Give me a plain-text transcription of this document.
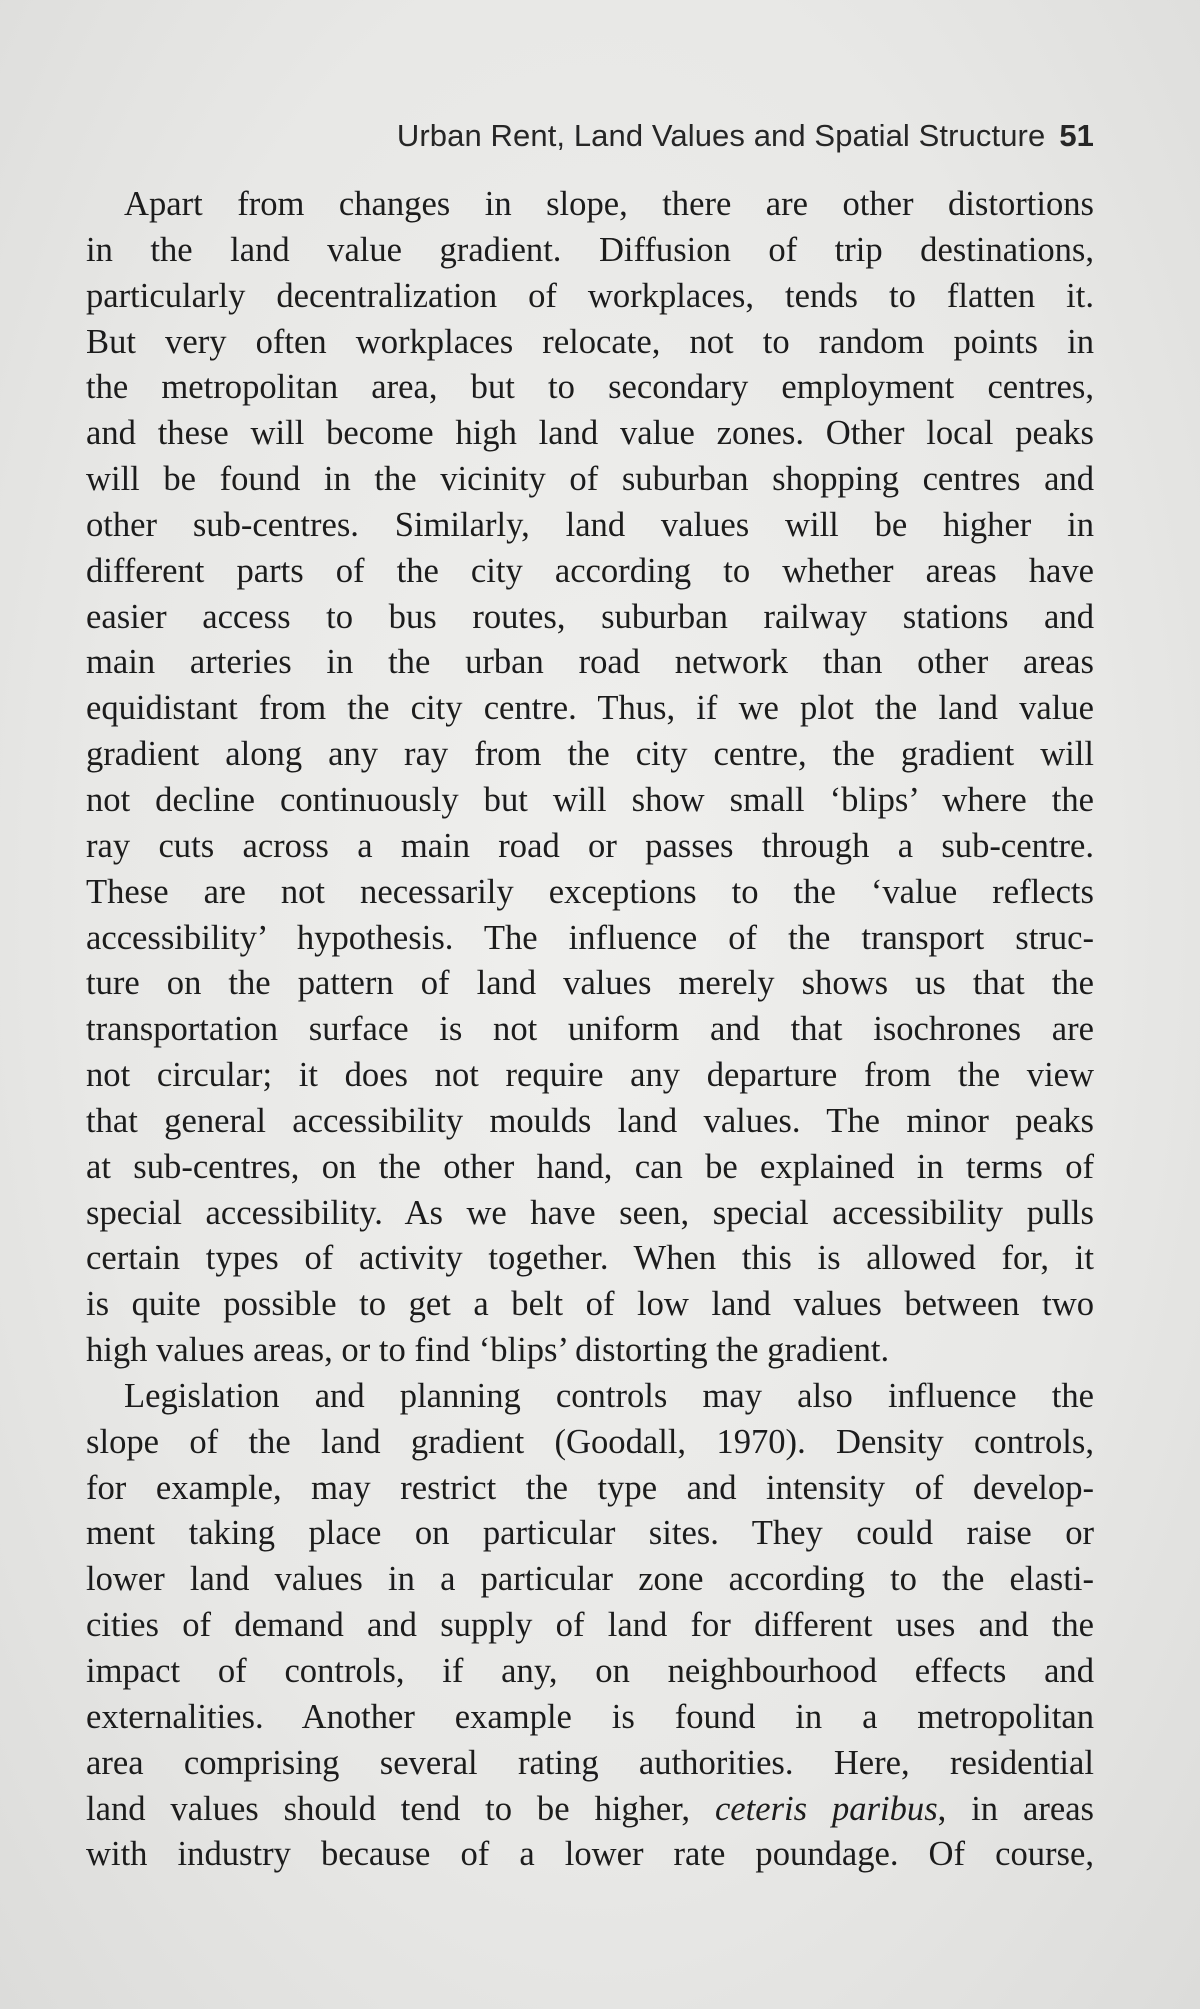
Urban Rent, Land Values and Spatial Structure 51
Apart from changes in slope, there are other distortions
in the land value gradient. Diffusion of trip destinations,
particularly decentralization of workplaces, tends to flatten it.
But very often workplaces relocate, not to random points in
the metropolitan area, but to secondary employment centres,
and these will become high land value zones. Other local peaks
will be found in the vicinity of suburban shopping centres and
other sub-centres. Similarly, land values will be higher in
different parts of the city according to whether areas have
easier access to bus routes, suburban railway stations and
main arteries in the urban road network than other areas
equidistant from the city centre. Thus, if we plot the land value
gradient along any ray from the city centre, the gradient will
not decline continuously but will show small ‘blips’ where the
ray cuts across a main road or passes through a sub-centre.
These are not necessarily exceptions to the ‘value reflects
accessibility’ hypothesis. The influence of the transport struc-
ture on the pattern of land values merely shows us that the
transportation surface is not uniform and that isochrones are
not circular; it does not require any departure from the view
that general accessibility moulds land values. The minor peaks
at sub-centres, on the other hand, can be explained in terms of
special accessibility. As we have seen, special accessibility pulls
certain types of activity together. When this is allowed for, it
is quite possible to get a belt of low land values between two
high values areas, or to find ‘blips’ distorting the gradient.
Legislation and planning controls may also influence the
slope of the land gradient (Goodall, 1970). Density controls,
for example, may restrict the type and intensity of develop-
ment taking place on particular sites. They could raise or
lower land values in a particular zone according to the elasti-
cities of demand and supply of land for different uses and the
impact of controls, if any, on neighbourhood effects and
externalities. Another example is found in a metropolitan
area comprising several rating authorities. Here, residential
land values should tend to be higher, ceteris paribus, in areas
with industry because of a lower rate poundage. Of course,
